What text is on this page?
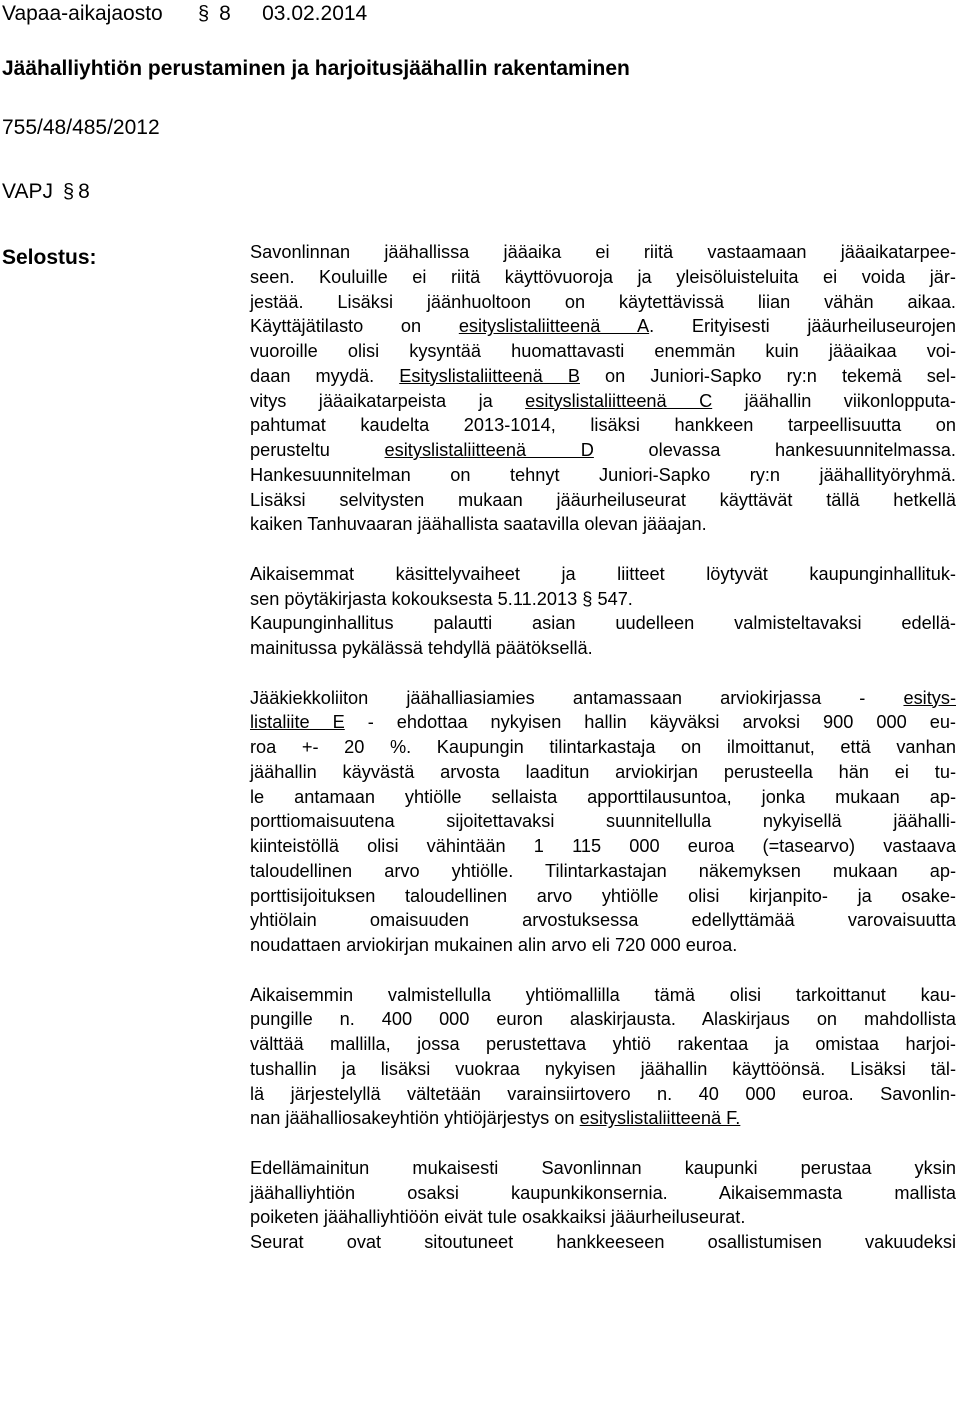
Vapaa-aikajaosto § 8 03.02.2014
Jäähalliyhtiön perustaminen ja harjoitusjäähallin rakentaminen
755/48/485/2012
VAPJ § 8
Selostus:	Savonlinnan jäähallissa jääaika ei riitä vastaamaan jääaikatarpee-
seen. Kouluille ei riitä käyttövuoroja ja yleisöluisteluita ei voida jär-
jestää. Lisäksi jäänhuoltoon on käytettävissä liian vähän aikaa.
Käyttäjätilasto on esityslistaliitteenä A. Erityisesti jääurheiluseurojen
vuoroille olisi kysyntää huomattavasti enemmän kuin jääaikaa voi-
daan myydä. Esityslistaliitteenä B on Juniori-Sapko ry:n tekemä sel-
vitys jääaikatarpeista ja esityslistaliitteenä C jäähallin viikonlopputa-
pahtumat kaudelta 2013-1014, lisäksi hankkeen tarpeellisuutta on
perusteltu esityslistaliitteenä D olevassa hankesuunnitelmassa.
Hankesuunnitelman on tehnyt Juniori-Sapko ry:n jäähallityöryhmä.
Lisäksi selvitysten mukaan jääurheiluseurat käyttävät tällä hetkellä
kaiken Tanhuvaaran jäähallista saatavilla olevan jääajan.
Aikaisemmat käsittelyvaiheet ja liitteet löytyvät kaupunginhallituk-
sen pöytäkirjasta kokouksesta 5.11.2013 § 547.
Kaupunginhallitus palautti asian uudelleen valmisteltavaksi edellä-
mainitussa pykälässä tehdyllä päätöksellä.
Jääkiekkoliiton jäähalliasiamies antamassaan arviokirjassa - esitys-
listaliite E - ehdottaa nykyisen hallin käyväksi arvoksi 900 000 eu-
roa +- 20 %. Kaupungin tilintarkastaja on ilmoittanut, että vanhan
jäähallin käyvästä arvosta laaditun arviokirjan perusteella hän ei tu-
le antamaan yhtiölle sellaista apporttilausuntoa, jonka mukaan ap-
porttiomaisuutena sijoitettavaksi suunnitellulla nykyisellä jäähalli-
kiinteistöllä olisi vähintään 1 115 000 euroa (=tasearvo) vastaava
taloudellinen arvo yhtiölle. Tilintarkastajan näkemyksen mukaan ap-
porttisijoituksen taloudellinen arvo yhtiölle olisi kirjanpito- ja osake-
yhtiölain omaisuuden arvostuksessa edellyttämää varovaisuutta
noudattaen arviokirjan mukainen alin arvo eli 720 000 euroa.
Aikaisemmin valmistellulla yhtiömallilla tämä olisi tarkoittanut kau-
pungille n. 400 000 euron alaskirjausta. Alaskirjaus on mahdollista
välttää mallilla, jossa perustettava yhtiö rakentaa ja omistaa harjoi-
tushallin ja lisäksi vuokraa nykyisen jäähallin käyttöönsä. Lisäksi täl-
lä järjestelyllä vältetään varainsiirtovero n. 40 000 euroa. Savonlin-
nan jäähalliosakeyhtiön yhtiöjärjestys on esityslistaliitteenä F.
Edellämainitun mukaisesti Savonlinnan kaupunki perustaa yksin
jäähalliyhtiön osaksi kaupunkikonsernia. Aikaisemmasta mallista
poiketen jäähalliyhtiöön eivät tule osakkaiksi jääurheiluseurat.
Seurat ovat sitoutuneet hankkeeseen osallistumisen vakuudeksi
